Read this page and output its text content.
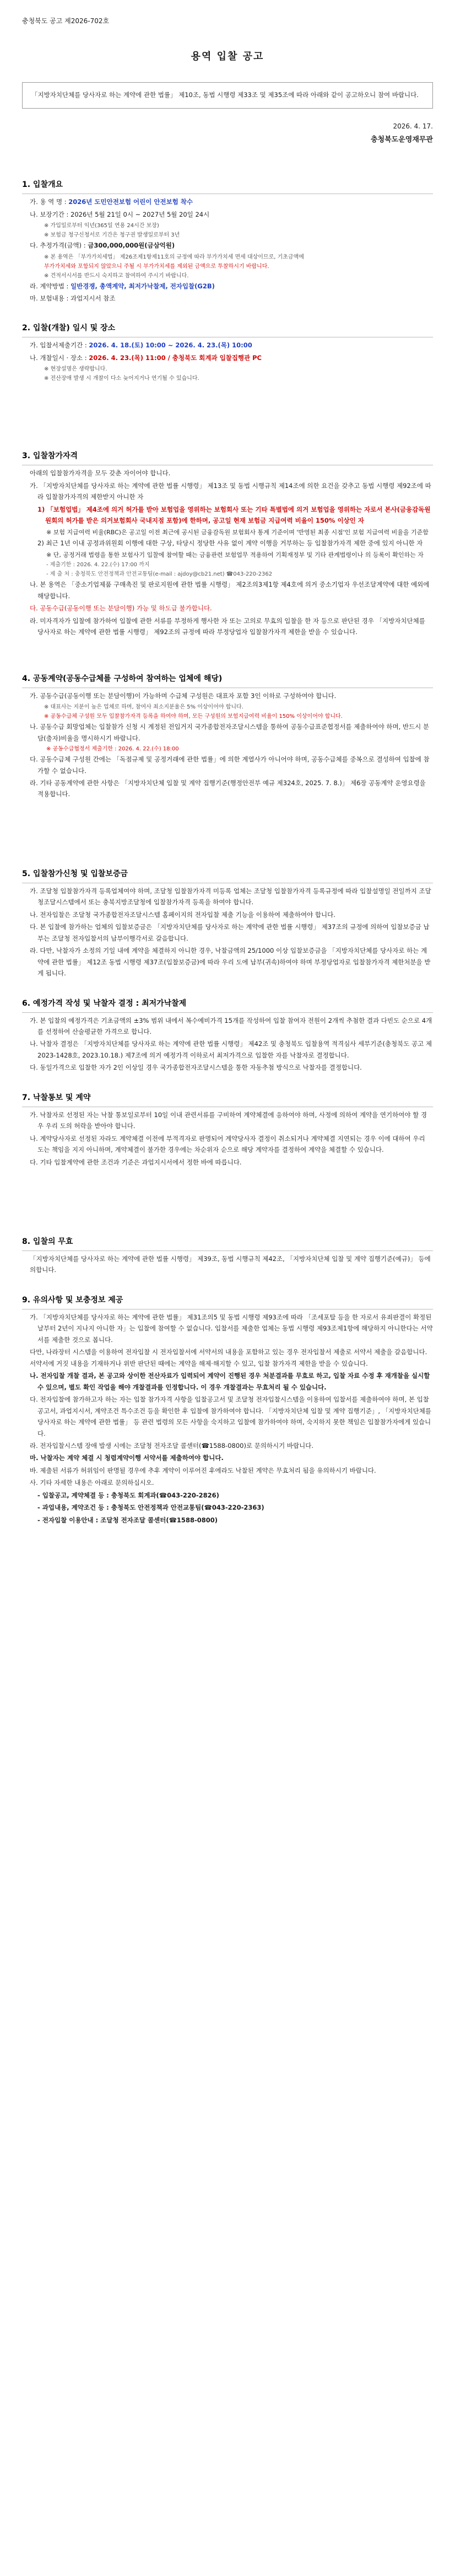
충청북도 공고 제2026-702호
용역 입찰 공고
「지방자치단체를 당사자로 하는 계약에 관한 법률」 제10조, 동법 시행령 제33조 및 제35조에 따라 아래와 같이 공고하오니 참여 바랍니다.
2026. 4. 17.
충청북도운영재무관
1. 입찰개요
가. 용 역 명 : 2026년 도민안전보험 어린이 안전보험 착수
나. 보장기간 : 2026년 5월 21일 0시 ~ 2027년 5월 20일 24시
※ 가입일로부터 익년(365일 연용 24시간 보장)
※ 보험금 청구신청서로 기간은 청구권 발생일로부터 3년
다. 추정가격(금액) : 금300,000,000원(금삼억원)
※ 본 용역은 「부가가치세법」 제26조제1항제11호의 규정에 따라 부가가치세 면세 대상이므로, 기초금액에
부가가치세와 포함되지 않았으니 주될 시 부가가치세를 제외된 금액으로 투찰하시기 바랍니다.
※ 견적서시서를 반드시 숙지하고 참여하여 주시기 바랍니다.
라. 계약방법 : 일반경쟁, 총액계약, 최저가낙찰제, 전자입찰(G2B)
마. 보험내용 : 과업지시서 참조
2. 입찰(개찰) 일시 및 장소
가. 입찰서제출기간 : 2026. 4. 18.(토) 10:00 ~ 2026. 4. 23.(목) 10:00
나. 개찰일시 · 장소 : 2026. 4. 23.(목) 11:00 / 충청북도 회계과 입찰집행관 PC
※ 현장설명은 생략합니다.
※ 전산장애 발생 시 개찰이 다소 늦어지거나 연기될 수 있습니다.
3. 입찰참가자격
아래의 입찰참가자격을 모두 갖춘 자이어야 합니다.
가. 「지방자치단체를 당사자로 하는 계약에 관한 법률 시행령」 제13조 및 동법 시행규칙 제14조에 의한 요건을 갖추고 동법 시행령 제92조에 따라 입찰참가자격의 제한받지 아니한 자
1) 「보험업법」 제4조에 의거 허가를 받아 보험업을 영위하는 보험회사 또는 기타 특별법에 의거 보험업을 영위하는 자로서 본사(금융감독원원회의 허가를 받은 의거보험회사 국내지점 포함)에 한하며, 공고일 현재 보험금 지급여력 비율이 150% 이상인 자
※ 보험 지급여력 비율(RBC)은 공고일 이전 최근에 공시된 금융감독원 보험회사 통계 기준이며 '반영된 최종 시점'인 보험 지급여력 비율을 기준함
2) 최근 1년 이내 공정과위원회 이행에 대한 구상, 타당시 정당한 사유 없이 계약 이행을 거부하는 등 입찰참가자격 제한 중에 있지 아니한 자
※ 단, 공정거래 법령을 통한 보험사기 입찰에 참여할 때는 금융관련 보험업무 적용하여 기획재정부 및 기타 관계법령이나 의 등록이 확인하는 자
- 제출기한 : 2026. 4. 22.(수) 17:00 까지
- 제 출 처 : 충청북도 안전정책과 안전교통팀(e-mail : ajdoy@cb21.net) ☎043-220-2362
나. 본 용역은 「중소기업제품 구매촉진 및 판로지원에 관한 법률 시행령」 제2조의3제1항 제4호에 의거 중소기업자 우선조달계약에 대한 예외에 해당합니다.
다. 공동수급(공동이행 또는 분담이행) 가능 및 하도급 불가합니다.
라. 미자격자가 입찰에 참가하여 입찰에 관한 서류를 부정하게 행사한 자 또는 고의로 무효의 입찰을 한 자 등으로 판단된 경우 「지방자치단체를 당사자로 하는 계약에 관한 법률 시행령」 제92조의 규정에 따라 부정당업자 입찰참가자격 제한을 받을 수 있습니다.
4. 공동계약(공동수급체를 구성하여 참여하는 업체에 해당)
가. 공동수급(공동이행 또는 분담이행)이 가능하며 수급체 구성원은 대표자 포함 3인 이하로 구성하여야 합니다.
※ 대표사는 지분이 높은 업체로 하며, 참여사 최소지분율은 5% 이상이어야 합니다.
※ 공동수급체 구성원 모두 입찰참가자격 등록을 하여야 하며, 모든 구성원의 보험지급여력 비율이 150% 이상이어야 합니다.
나. 공동수급 회망업체는 입찰참가 신청 시 계정된 전입거지 국가종합전자조달시스템을 통하여 공동수급표준협정서를 제출하여야 하며, 반드시 분담(출자)비율을 명시하시기 바랍니다.
※ 공동수급협정서 제출기한 : 2026. 4. 22.(수) 18:00
다. 공동수급체 구성원 간에는 「독점규제 및 공정거래에 관한 법률」에 의한 계열사가 아니어야 하며, 공동수급체를 중복으로 결성하여 입찰에 참가할 수 없습니다.
라. 기타 공동계약에 관한 사항은 「지방자치단체 입찰 및 계약 집행기준(행정안전부 예규 제324호, 2025. 7. 8.)」 제6장 공동계약 운영요령을 적용합니다.
5. 입찰참가신청 및 입찰보증금
가. 조달청 입찰참가자격 등록업체여야 하며, 조달청 입찰참가자격 미등록 업체는 조달청 입찰참가자격 등록규정에 따라 입찰설명일 전일까지 조달청조달시스템에서 또는 충북지방조달청에 입찰참가자격 등록을 하여야 합니다.
나. 전자입찰은 조달청 국가종합전자조달시스템 홈페이지의 전자입찰 제출 기능을 이용하여 제출하여야 합니다.
다. 본 입찰에 참가하는 업체의 입찰보증금은 「지방자치단체를 당사자로 하는 계약에 관한 법률 시행령」 제37조의 규정에 의하여 입찰보증금 납부는 조달청 전자입찰서의 납부이행각서로 갈음합니다.
라. 다만, 낙찰자가 소정의 기일 내에 계약을 체결하지 아니한 경우, 낙찰금액의 25/1000 이상 입찰보증금을 「지방자치단체를 당사자로 하는 계약에 관한 법률」 제12조 동법 시행령 제37조(입찰보증금)에 따라 우리 도에 납부(귀속)하여야 하며 부정당업자로 입찰참가자격 제한처분을 받게 됩니다.
6. 예정가격 작성 및 낙찰자 결정 : 최저가낙찰제
가. 본 입찰의 예정가격은 기초금액의 ±3% 범위 내에서 복수예비가격 15개를 작성하여 입찰 참여자 전원이 2개씩 추첨한 결과 다빈도 순으로 4개를 선정하여 산술평균한 가격으로 합니다.
나. 낙찰자 결정은 「지방자치단체를 당사자로 하는 계약에 관한 법률 시행령」 제42조 및 충청북도 입찰용역 적격심사 세부기준(충청북도 공고 제2023-1428호, 2023.10.18.) 제7조에 의거 예정가격 이하로서 최저가격으로 입찰한 자를 낙찰자로 결정합니다.
다. 동일가격으로 입찰한 자가 2인 이상일 경우 국가종합전자조달시스템을 통한 자동추첨 방식으로 낙찰자를 결정합니다.
7. 낙찰통보 및 계약
가. 낙찰자로 선정된 자는 낙찰 통보일로부터 10일 이내 관련서류를 구비하여 계약체결에 응하여야 하며, 사정에 의하여 계약을 연기하여야 할 경우 우리 도의 허락을 받아야 합니다.
나. 계약당사자로 선정된 자라도 계약체결 이전에 부적격자로 판명되어 계약당사자 결정이 취소되거나 계약체결 지연되는 경우 이에 대하여 우리 도는 책임을 지지 아니하며, 계약체결이 불가한 경우에는 차순위자 순으로 해당 계약자를 결정하여 계약을 체결할 수 있습니다.
다. 기타 입찰계약에 관한 조건과 기준은 과업지시서에서 정한 바에 따릅니다.
8. 입찰의 무효
「지방자치단체를 당사자로 하는 계약에 관한 법률 시행령」 제39조, 동법 시행규칙 제42조, 「지방자치단체 입찰 및 계약 집행기준(예규)」 등에 의합니다.
9. 유의사항 및 보충정보 제공
가. 「지방자치단체를 당사자로 하는 계약에 관한 법률」 제31조의5 및 동법 시행령 제93조에 따라 「조세포탈 등을 한 자로서 유죄판결이 확정된 날부터 2년이 지나지 아니한 자」는 입찰에 참여할 수 없습니다. 입찰서를 제출한 업체는 동법 시행령 제93조제1항에 해당하지 아니한다는 서약서를 제출한 것으로 봅니다.
다만, 나라장터 시스템을 이용하여 전자입찰 시 전자입찰서에 서약서의 내용을 포함하고 있는 경우 전자입찰서 제출로 서약서 제출을 갈음합니다. 서약서에 거짓 내용을 기재하거나 위반 판단된 때에는 계약을 해제·해지할 수 있고, 입찰 참가자격 제한을 받을 수 있습니다.
나. 전자입찰 개찰 결과, 본 공고와 상이한 전산자료가 입력되어 계약이 진행된 경우 처분결과를 무효로 하고, 입찰 자료 수정 후 재개찰을 실시할 수 있으며, 별도 확인 작업을 해야 개찰결과를 인정합니다. 이 경우 개찰결과는 무효처리 될 수 있습니다.
다. 전자입찰에 참가하고자 하는 자는 입찰 참가자격 사항을 입찰공고서 및 조달청 전자입찰시스템을 이용하여 입찰서를 제출하여야 하며, 본 입찰공고서, 과업지시서, 계약조건 특수조건 등을 확인한 후 입찰에 참가하여야 합니다. 「지방자치단체 입찰 및 계약 집행기준」, 「지방자치단체를 당사자로 하는 계약에 관한 법률」 등 관련 법령의 모든 사항을 숙지하고 입찰에 참가하여야 하며, 숙지하지 못한 책임은 입찰참가자에게 있습니다.
라. 전자입찰시스템 장애 발생 시에는 조달청 전자조달 콜센터(☎1588-0800)로 문의하시기 바랍니다.
마. 낙찰자는 계약 체결 시 청렴계약이행 서약서를 제출하여야 합니다.
바. 제출된 서류가 허위임이 판명될 경우에 추후 계약이 이루어진 후에라도 낙찰된 계약은 무효처리 됨을 유의하시기 바랍니다.
사. 기타 자세한 내용은 아래로 문의하십시오.
- 입찰공고, 계약체결 등 : 충청북도 회계과(☎043-220-2826)
- 과업내용, 계약조건 등 : 충청북도 안전정책과 안전교통팀(☎043-220-2363)
- 전자입찰 이용안내 : 조달청 전자조달 콜센터(☎1588-0800)
